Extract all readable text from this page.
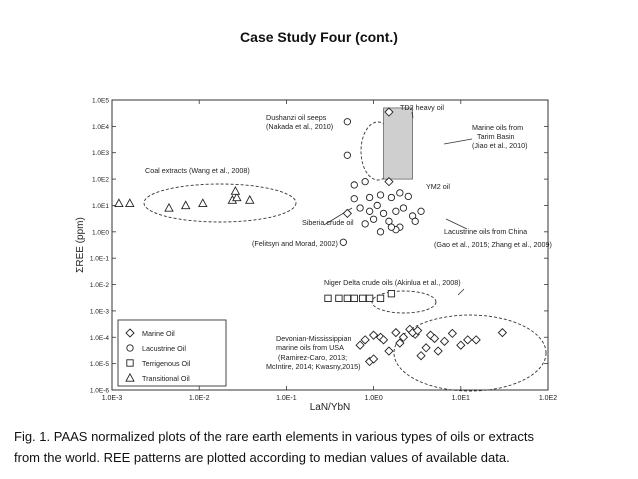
Case Study Four (cont.)
1.0E-3	1.0E-2	1.0E-1	1.0E0	1.0E1	1.0E2
1.0E-6
1.0E-5
1.0E-4
1.0E-3
1.0E-2
1.0E-1
1.0E0
1.0E1
1.0E2
1.0E3
1.0E4
1.0E5
Marine Oil
Lacustrine Oil
Terrigenous Oil
Transitional Oil
ΣREE (ppm)
LaN/YbN
Coal extracts (Wang et al., 2008)
Dushanzi oil seeps
(Nakada et al., 2010)
TD2 heavy oil
Marine oils from
Tarim Basin
(Jiao et al., 2010)
YM2 oil
Siberia crude oil
(Felitsyn and Morad, 2002)
Lacustrine oils from China
(Gao et al., 2015; Zhang et al., 2009)
Niger Delta crude oils (Akinlua et al., 2008)
Devonian-Mississippian
marine oils from USA
(Ramirez-Caro, 2013;
McIntire, 2014; Kwasny,2015)
Fig. 1. PAAS normalized plots of the rare earth elements in various types of oils or extracts
from the world. REE patterns are plotted according to median values of available data.
